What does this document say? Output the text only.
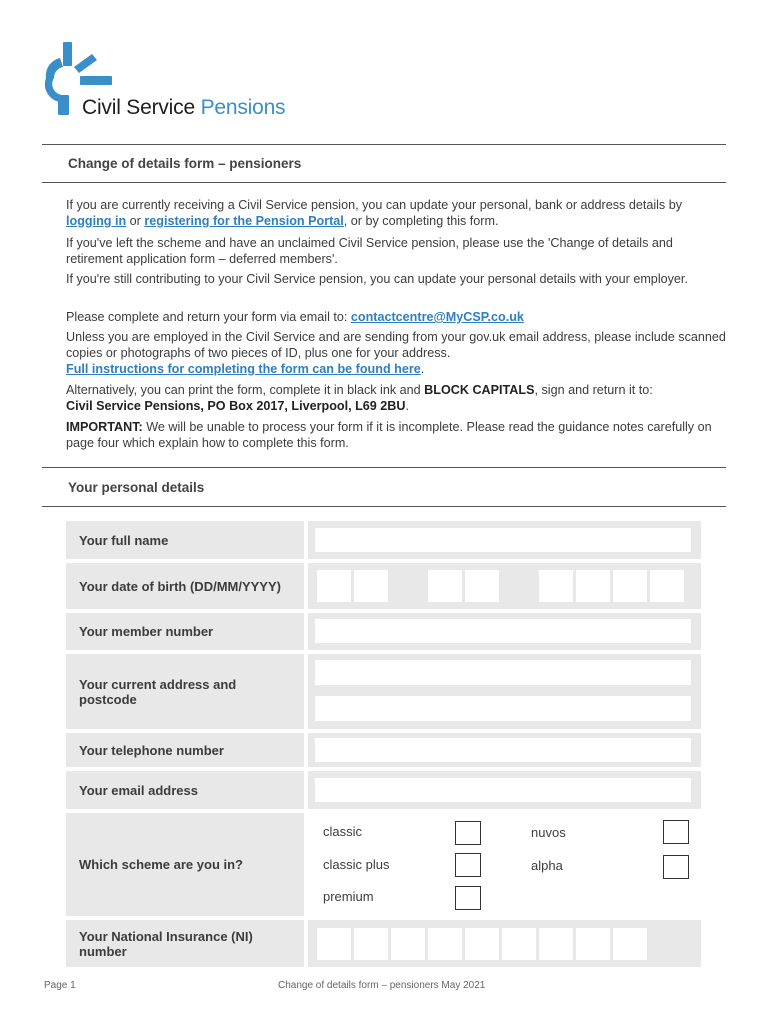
Civil Service Pensions
Change of details form – pensioners
If you are currently receiving a Civil Service pension, you can update your personal, bank or address details by logging in or registering for the Pension Portal, or by completing this form.
If you've left the scheme and have an unclaimed Civil Service pension, please use the 'Change of details and retirement application form – deferred members'.
If you're still contributing to your Civil Service pension, you can update your personal details with your employer.
Please complete and return your form via email to: contactcentre@MyCSP.co.uk
Unless you are employed in the Civil Service and are sending from your gov.uk email address, please include scanned copies or photographs of two pieces of ID, plus one for your address.
Full instructions for completing the form can be found here.
Alternatively, you can print the form, complete it in black ink and BLOCK CAPITALS, sign and return it to:
Civil Service Pensions, PO Box 2017, Liverpool, L69 2BU.
IMPORTANT: We will be unable to process your form if it is incomplete. Please read the guidance notes carefully on page four which explain how to complete this form.
Your personal details
Your full name
Your date of birth (DD/MM/YYYY)
Your member number
Your current address and postcode
Your telephone number
Your email address
Which scheme are you in?
classic	nuvos
classic plus	alpha
premium
Your National Insurance (NI) number
Page 1	Change of details form – pensioners May 2021
